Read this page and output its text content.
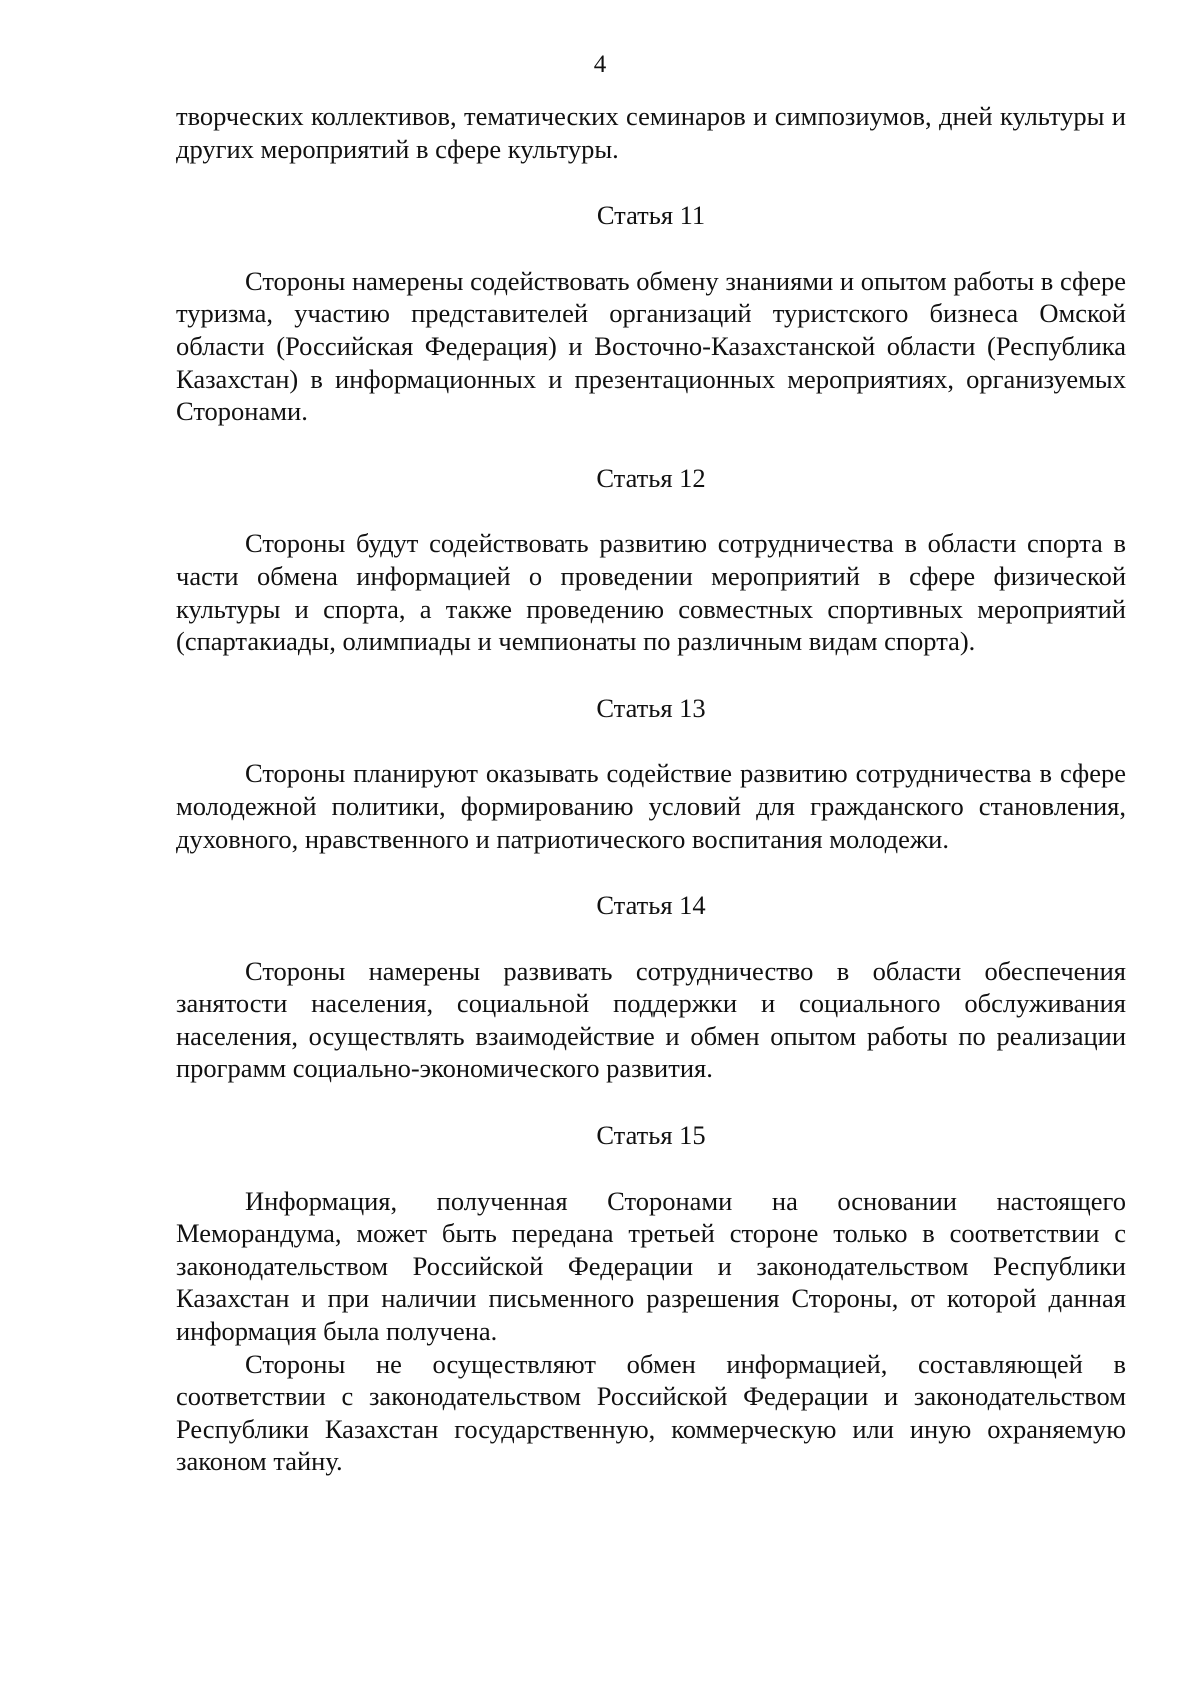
4

творческих коллективов, тематических семинаров и симпозиумов, дней культуры и других мероприятий в сфере культуры.

Статья 11

Стороны намерены содействовать обмену знаниями и опытом работы в сфере туризма, участию представителей организаций туристского бизнеса Омской области (Российская Федерация) и Восточно-Казахстанской области (Республика Казахстан) в информационных и презентационных мероприятиях, организуемых Сторонами.

Статья 12

Стороны будут содействовать развитию сотрудничества в области спорта в части обмена информацией о проведении мероприятий в сфере физической культуры и спорта, а также проведению совместных спортивных мероприятий (спартакиады, олимпиады и чемпионаты по различным видам спорта).

Статья 13

Стороны планируют оказывать содействие развитию сотрудничества в сфере молодежной политики, формированию условий для гражданского становления, духовного, нравственного и патриотического воспитания молодежи.

Статья 14

Стороны намерены развивать сотрудничество в области обеспечения занятости населения, социальной поддержки и социального обслуживания населения, осуществлять взаимодействие и обмен опытом работы по реализации программ социально-экономического развития.

Статья 15

Информация, полученная Сторонами на основании настоящего Меморандума, может быть передана третьей стороне только в соответствии с законодательством Российской Федерации и законодательством Республики Казахстан и при наличии письменного разрешения Стороны, от которой данная информация была получена.

Стороны не осуществляют обмен информацией, составляющей в соответствии с законодательством Российской Федерации и законодательством Республики Казахстан государственную, коммерческую или иную охраняемую законом тайну.
